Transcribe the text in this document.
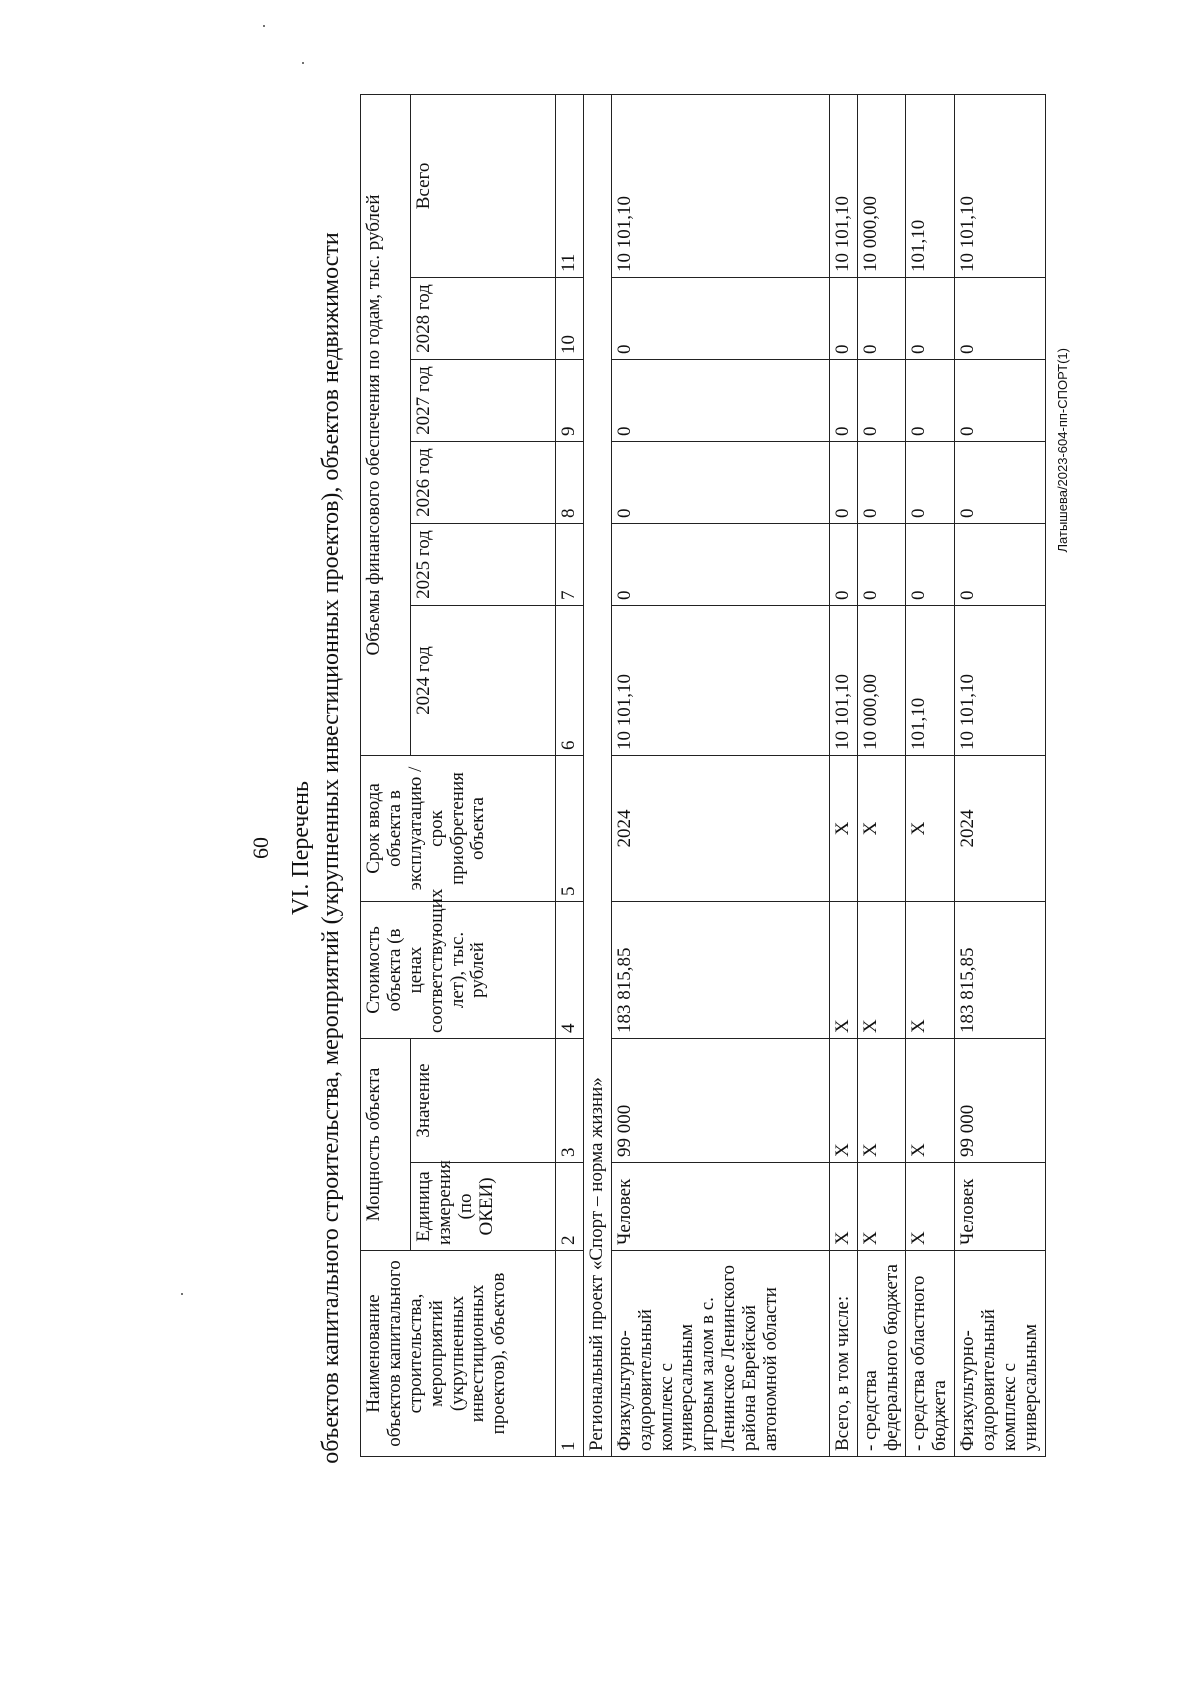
60 VI. Перечень объектов капитального строительства, мероприятий (укрупненных инвестиционных проектов), объектов недвижимости Наименование объектов капитального строительства, мероприятий (укрупненных инвестиционных проектов), объектов	Мощность объекта		Стоимость объекта (в ценах соответствующих лет), тыс. рублей	Срок ввода объекта в эксплуатацию / срок приобретения объекта	Объемы финансового обеспечения по годам, тыс. рублей					
	Единица измерения (по ОКЕИ)	Значение			2024 год	2025 год	2026 год	2027 год	2028 год	Всего

1	2	3	4	5	6	7	8	9	10	11
Региональный проект «Спорт – норма жизни»										
Физкультурно-оздоровительный комплекс с универсальным игровым залом в с. Ленинское Ленинского района Еврейской автономной области	Человек	99 000	183 815,85	2024	10 101,10	0	0	0	0	10 101,10
Всего, в том числе:	Х	Х	Х	Х	10 101,10	0	0	0	0	10 101,10
- средства федерального бюджета	Х	Х	Х	Х	10 000,00	0	0	0	0	10 000,00
- средства областного бюджета	Х	Х	Х	Х	101,10	0	0	0	0	101,10
Физкультурно-оздоровительный комплекс с универсальным	Человек	99 000	183 815,85	2024	10 101,10	0	0	0	0	10 101,10
Латышева/2023-604-пп-СПОРТ(1)
